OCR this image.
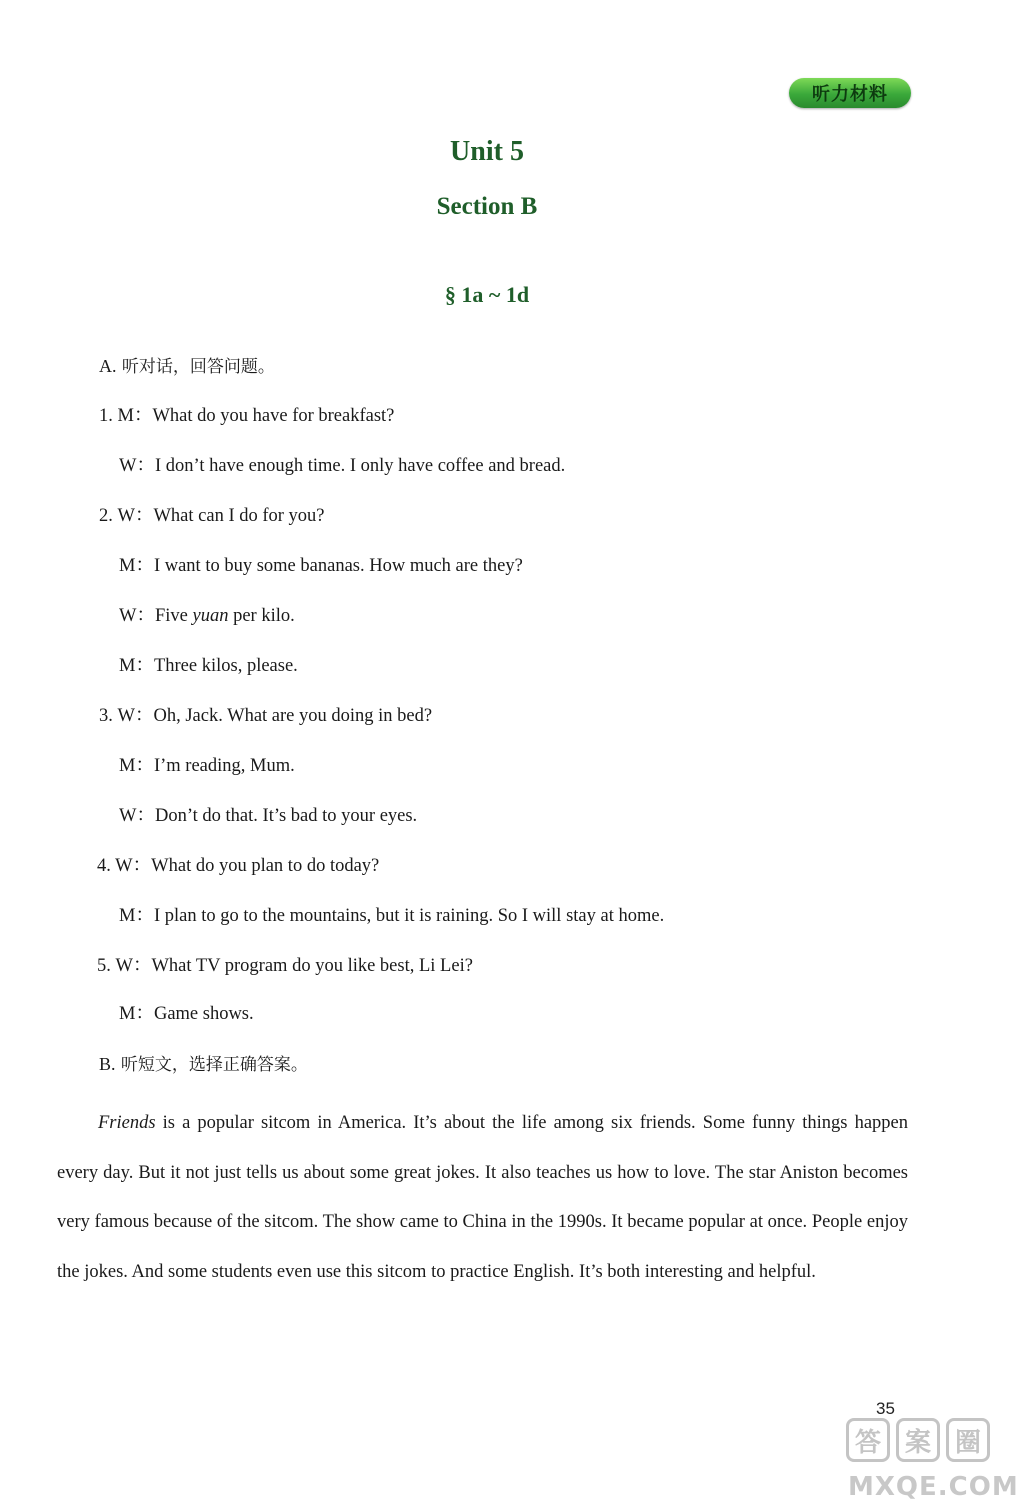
听力材料
Unit 5
Section B
§ 1a ~ 1d
A. 听对话，回答问题。
1. M：What do you have for breakfast?
W：I don’t have enough time. I only have coffee and bread.
2. W：What can I do for you?
M：I want to buy some bananas. How much are they?
W：Five yuan per kilo.
M：Three kilos, please.
3. W：Oh, Jack. What are you doing in bed?
M：I’m reading, Mum.
W：Don’t do that. It’s bad to your eyes.
4. W：What do you plan to do today?
M：I plan to go to the mountains, but it is raining. So I will stay at home.
5. W：What TV program do you like best, Li Lei?
M：Game shows.
B. 听短文，选择正确答案。
Friends is a popular sitcom in America. It’s about the life among six friends. Some funny things happen every day. But it not just tells us about some great jokes. It also teaches us how to love. The star Aniston becomes very famous because of the sitcom. The show came to China in the 1990s. It became popular at once. People enjoy the jokes. And some students even use this sitcom to practice English. It’s both interesting and helpful.
35
答 案 圈
MXQE.COM
